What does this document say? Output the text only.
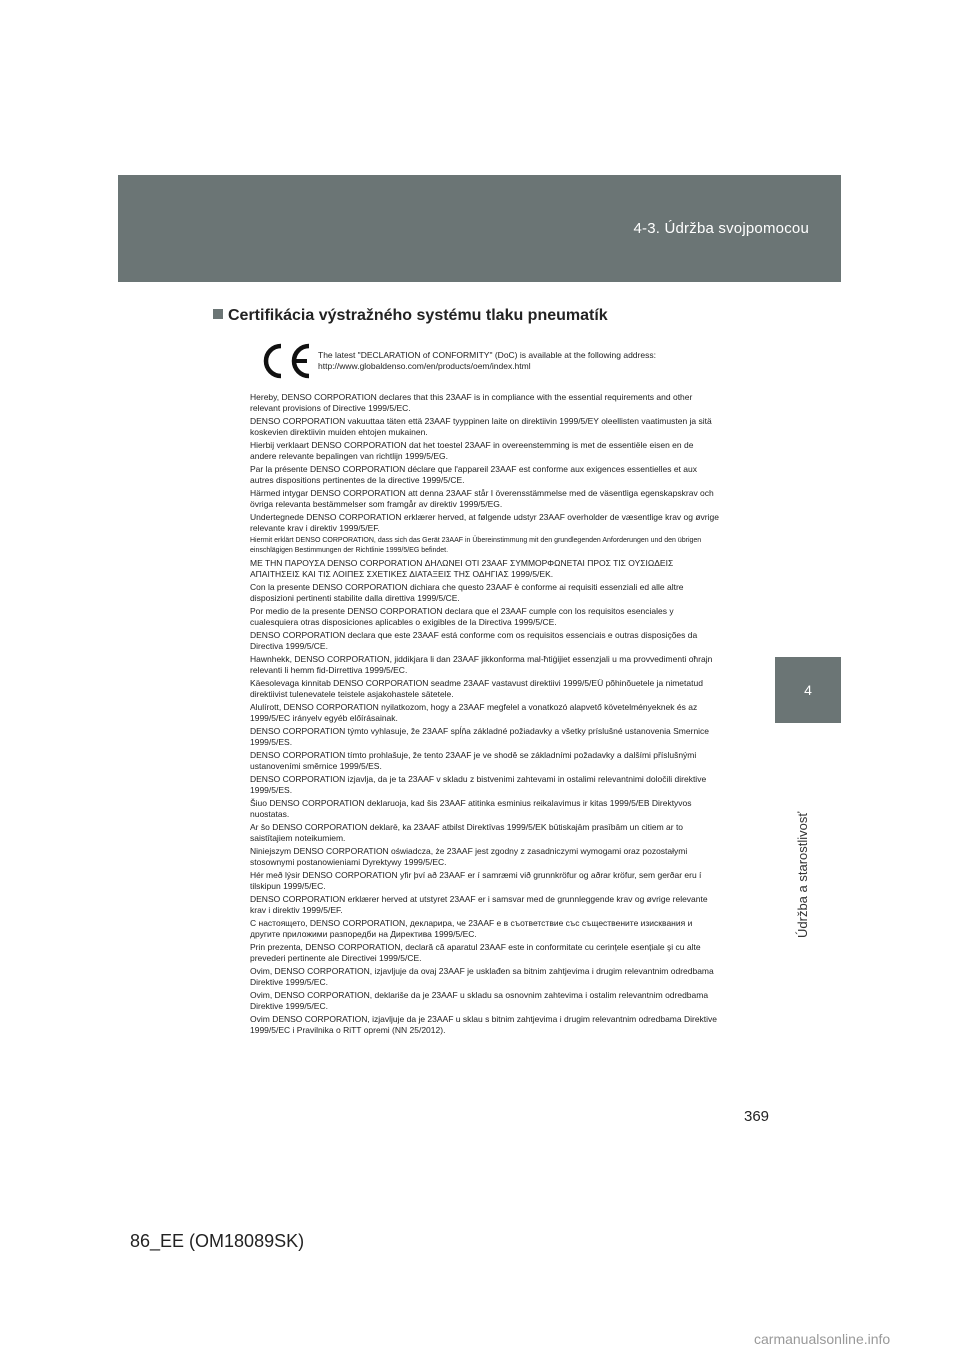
4-3. Údržba svojpomocou
4
Údržba a starostlivosť
Certifikácia výstražného systému tlaku pneumatík
The latest "DECLARATION of CONFORMITY" (DoC) is available at the following address:
http://www.globaldenso.com/en/products/oem/index.html

Hereby, DENSO CORPORATION declares that this 23AAF is in compliance with the essential requirements and other relevant provisions of Directive 1999/5/EC.

DENSO CORPORATION vakuuttaa täten että 23AAF tyyppinen laite on direktiivin 1999/5/EY oleellisten vaatimusten ja sitä koskevien direktiivin muiden ehtojen mukainen.

Hierbij verklaart DENSO CORPORATION dat het toestel 23AAF in overeenstemming is met de essentiële eisen en de andere relevante bepalingen van richtlijn 1999/5/EG.

Par la présente DENSO CORPORATION déclare que l'appareil 23AAF est conforme aux exigences essentielles et aux autres dispositions pertinentes de la directive 1999/5/CE.

Härmed intygar DENSO CORPORATION att denna 23AAF står I överensstämmelse med de väsentliga egenskapskrav och övriga relevanta bestämmelser som framgår av direktiv 1999/5/EG.

Undertegnede DENSO CORPORATION erklærer herved, at følgende udstyr 23AAF overholder de væsentlige krav og øvrige relevante krav i direktiv 1999/5/EF.

Hiermit erklärt DENSO CORPORATION, dass sich das Gerät 23AAF in Übereinstimmung mit den grundlegenden Anforderungen und den übrigen einschlägigen Bestimmungen der Richtlinie 1999/5/EG befindet.

ΜΕ ΤΗΝ ΠΑΡΟΥΣΑ DENSO CORPORATION ΔΗΛΩΝΕΙ ΟΤΙ 23AAF ΣΥΜΜΟΡΦΩΝΕΤΑΙ ΠΡΟΣ ΤΙΣ ΟΥΣΙΩΔΕΙΣ ΑΠΑΙΤΗΣΕΙΣ ΚΑΙ ΤΙΣ ΛΟΙΠΕΣ ΣΧΕΤΙΚΕΣ ΔΙΑΤΑΞΕΙΣ ΤΗΣ ΟΔΗΓΙΑΣ 1999/5/ΕΚ.

Con la presente DENSO CORPORATION dichiara che questo 23AAF è conforme ai requisiti essenziali ed alle altre disposizioni pertinenti stabilite dalla direttiva 1999/5/CE.

Por medio de la presente DENSO CORPORATION declara que el 23AAF cumple con los requisitos esenciales y cualesquiera otras disposiciones aplicables o exigibles de la Directiva 1999/5/CE.

DENSO CORPORATION declara que este 23AAF está conforme com os requisitos essenciais e outras disposições da Directiva 1999/5/CE.

Hawnhekk, DENSO CORPORATION, jiddikjara li dan 23AAF jikkonforma mal-ħtiġijiet essenzjali u ma provvedimenti oħrajn relevanti li hemm fid-Dirrettiva 1999/5/EC.

Käesolevaga kinnitab DENSO CORPORATION seadme 23AAF vastavust direktiivi 1999/5/EÜ põhinõuetele ja nimetatud direktiivist tulenevatele teistele asjakohastele sätetele.

Alulírott, DENSO CORPORATION nyilatkozom, hogy a 23AAF megfelel a vonatkozó alapvető követelményeknek és az 1999/5/EC irányelv egyéb előírásainak.

DENSO CORPORATION týmto vyhlasuje, že 23AAF spĺňa základné požiadavky a všetky príslušné ustanovenia Smernice 1999/5/ES.

DENSO CORPORATION tímto prohlašuje, že tento 23AAF je ve shodě se základními požadavky a dalšími příslušnými ustanoveními směrnice 1999/5/ES.

DENSO CORPORATION izjavlja, da je ta 23AAF v skladu z bistvenimi zahtevami in ostalimi relevantnimi določili direktive 1999/5/ES.

Šiuo DENSO CORPORATION deklaruoja, kad šis 23AAF atitinka esminius reikalavimus ir kitas 1999/5/EB Direktyvos nuostatas.

Ar šo DENSO CORPORATION deklarē, ka 23AAF atbilst Direktīvas 1999/5/EK būtiskajām prasībām un citiem ar to saistītajiem noteikumiem.

Niniejszym DENSO CORPORATION oświadcza, że 23AAF jest zgodny z zasadniczymi wymogami oraz pozostałymi stosownymi postanowieniami Dyrektywy 1999/5/EC.

Hér með lýsir DENSO CORPORATION yfir því að 23AAF er í samræmi við grunnkröfur og aðrar kröfur, sem gerðar eru í tilskipun 1999/5/EC.

DENSO CORPORATION erklærer herved at utstyret 23AAF er i samsvar med de grunnleggende krav og øvrige relevante krav i direktiv 1999/5/EF.

С настоящето, DENSO CORPORATION, декларира, че 23AAF е в съответствие със съществените изисквания и другите приложими разпоредби на Директива 1999/5/ЕС.

Prin prezenta, DENSO CORPORATION, declară că aparatul 23AAF este in conformitate cu cerințele esențiale şi cu alte prevederi pertinente ale Directivei 1999/5/CE.

Ovim, DENSO CORPORATION, izjavljuje da ovaj 23AAF je usklađen sa bitnim zahtjevima i drugim relevantnim odredbama Direktive 1999/5/EC.

Ovim, DENSO CORPORATION, deklariše da je 23AAF u skladu sa osnovnim zahtevima i ostalim relevantnim odredbama Direktive 1999/5/EC.

Ovim DENSO CORPORATION, izjavljuje da je 23AAF u sklau s bitnim zahtjevima i drugim relevantnim odredbama Direktive 1999/5/EC i Pravilnika o RiTT opremi (NN 25/2012).

369
86_EE (OM18089SK)
carmanualsonline.info
